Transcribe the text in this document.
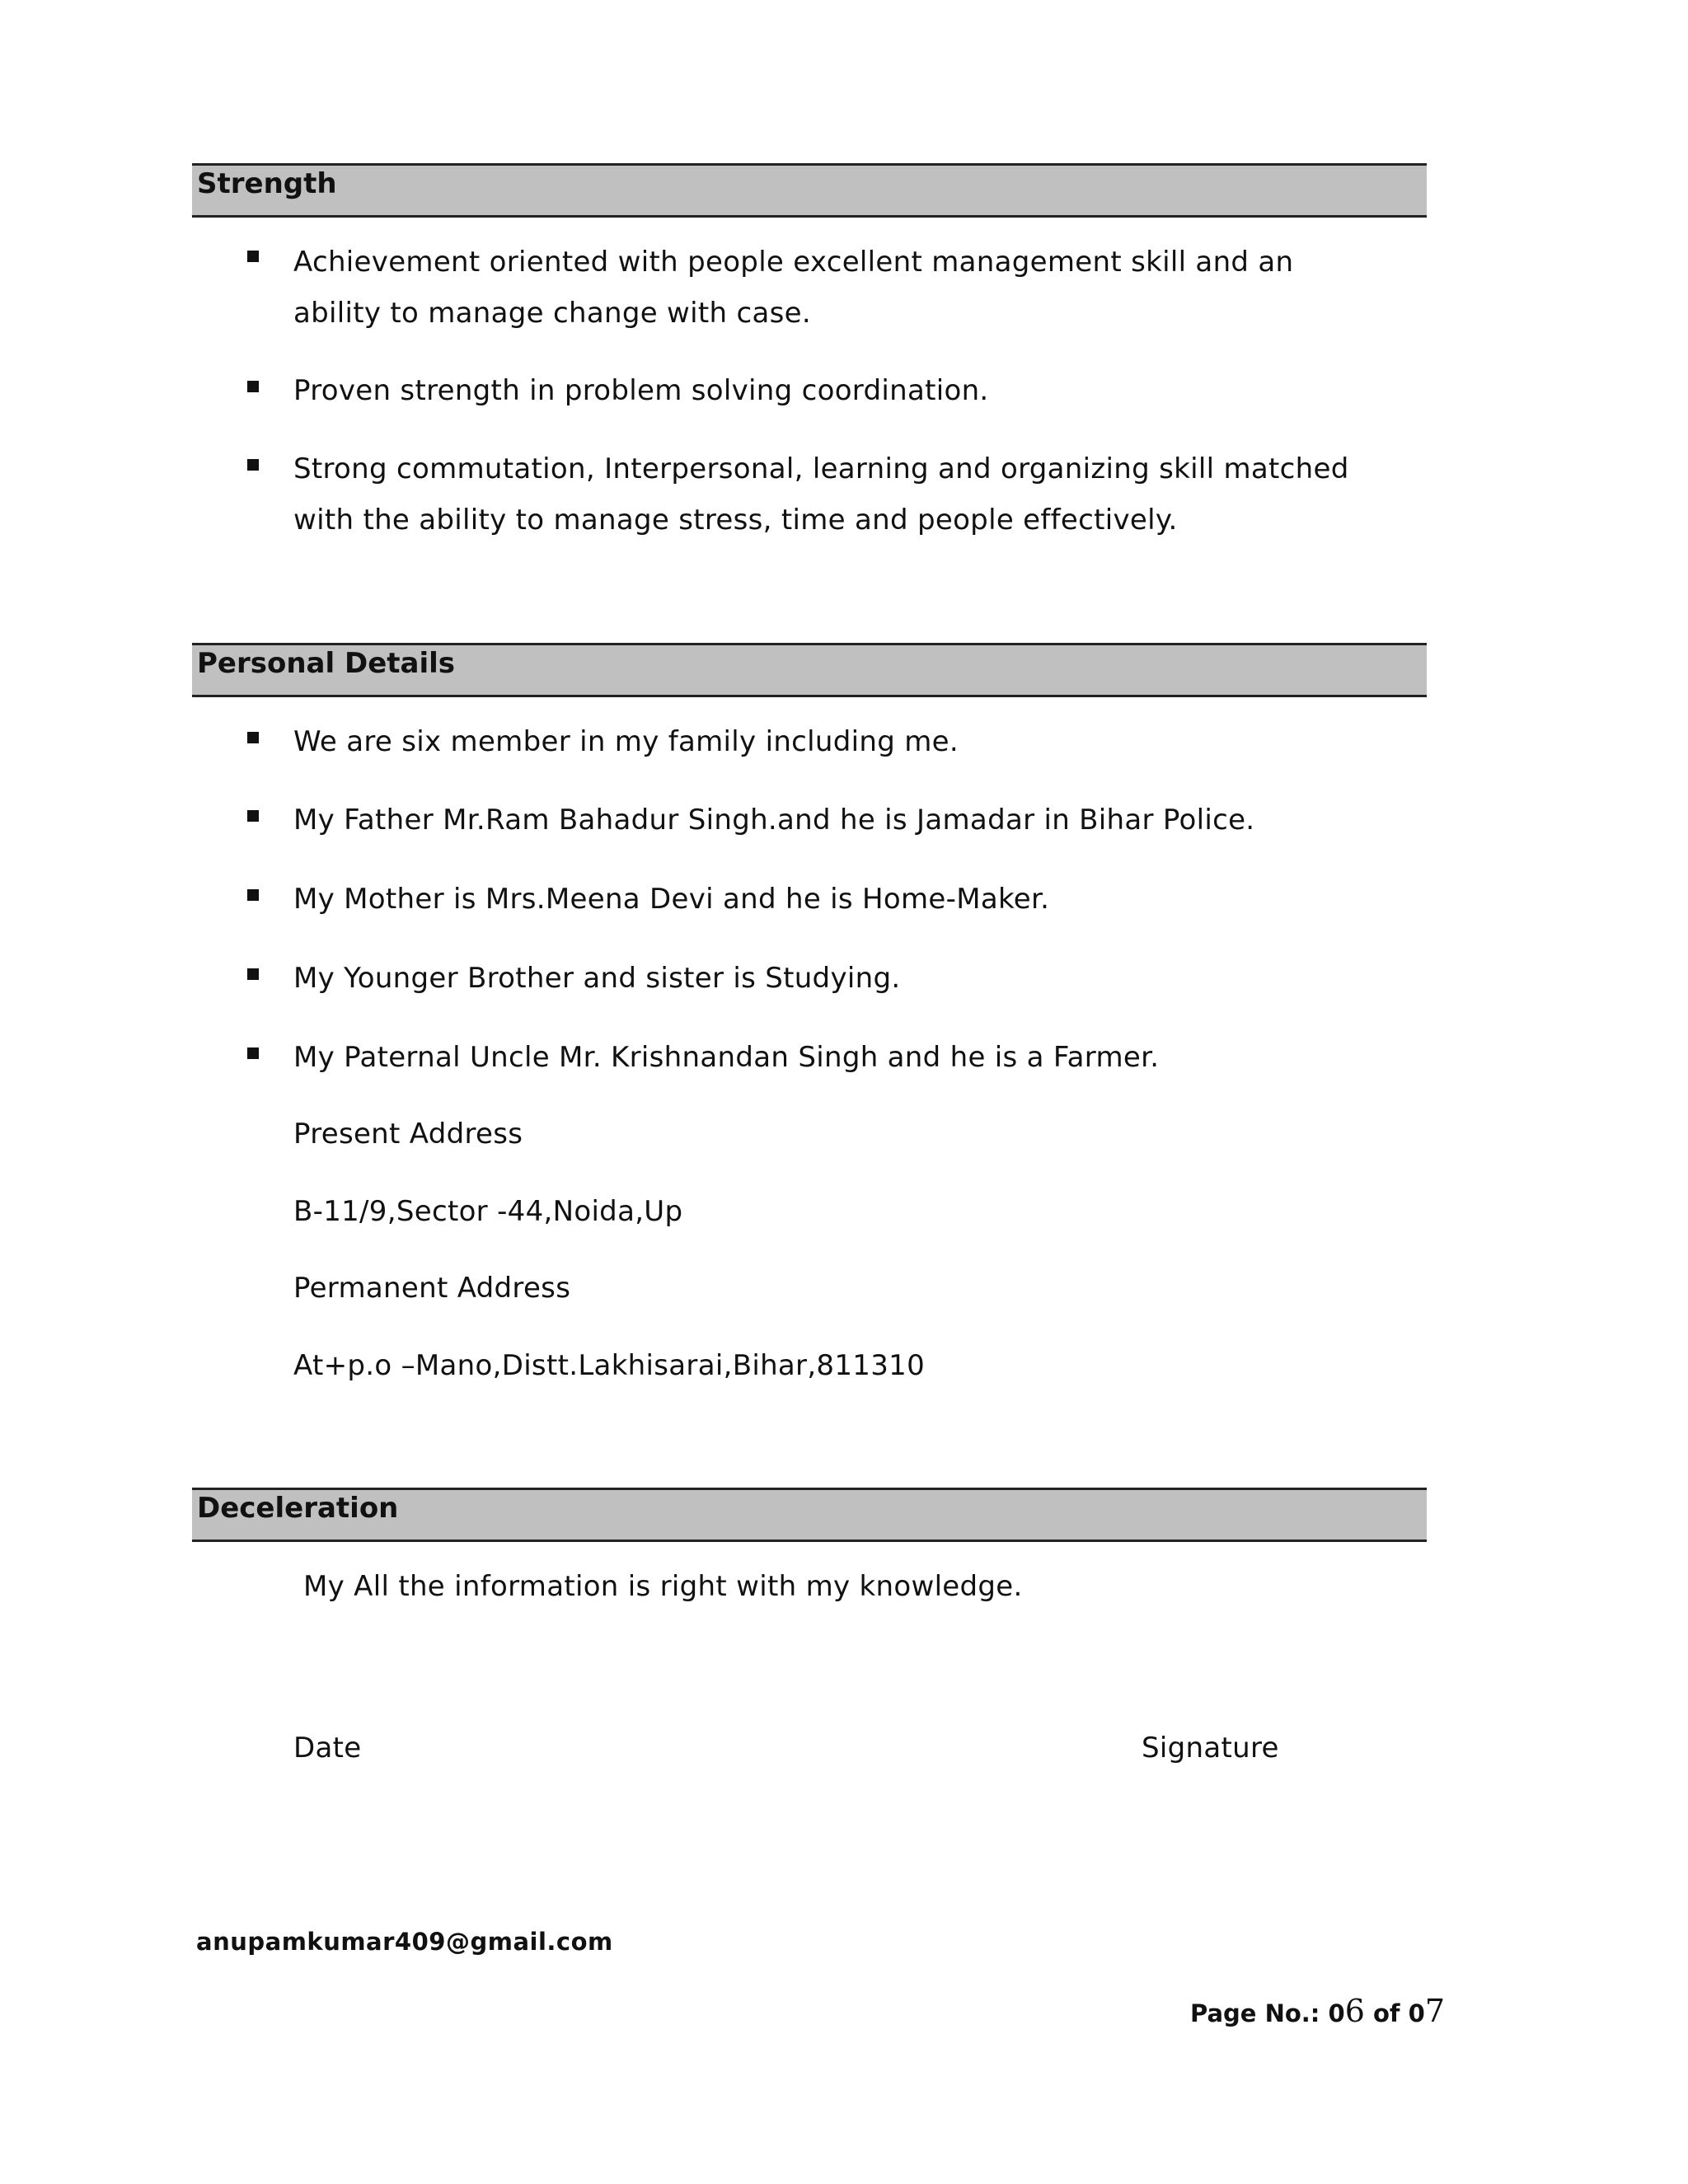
Strength
Achievement oriented with people excellent management skill and an ability to manage change with case.
Proven strength in problem solving coordination.
Strong commutation, Interpersonal, learning and organizing skill matched with the ability to manage stress, time and people effectively.
Personal Details
We are six member in my family including me.
My Father Mr.Ram Bahadur Singh.and he is Jamadar in Bihar Police.
My Mother is Mrs.Meena Devi and he is Home-Maker.
My Younger Brother and sister is Studying.
My Paternal Uncle Mr. Krishnandan Singh and he is a Farmer.
Present Address
B-11/9,Sector -44,Noida,Up
Permanent Address
At+p.o –Mano,Distt.Lakhisarai,Bihar,811310
Deceleration
My All the information is right with my knowledge.
Date	Signature
anupamkumar409@gmail.com
Page No.: 06 of 07
